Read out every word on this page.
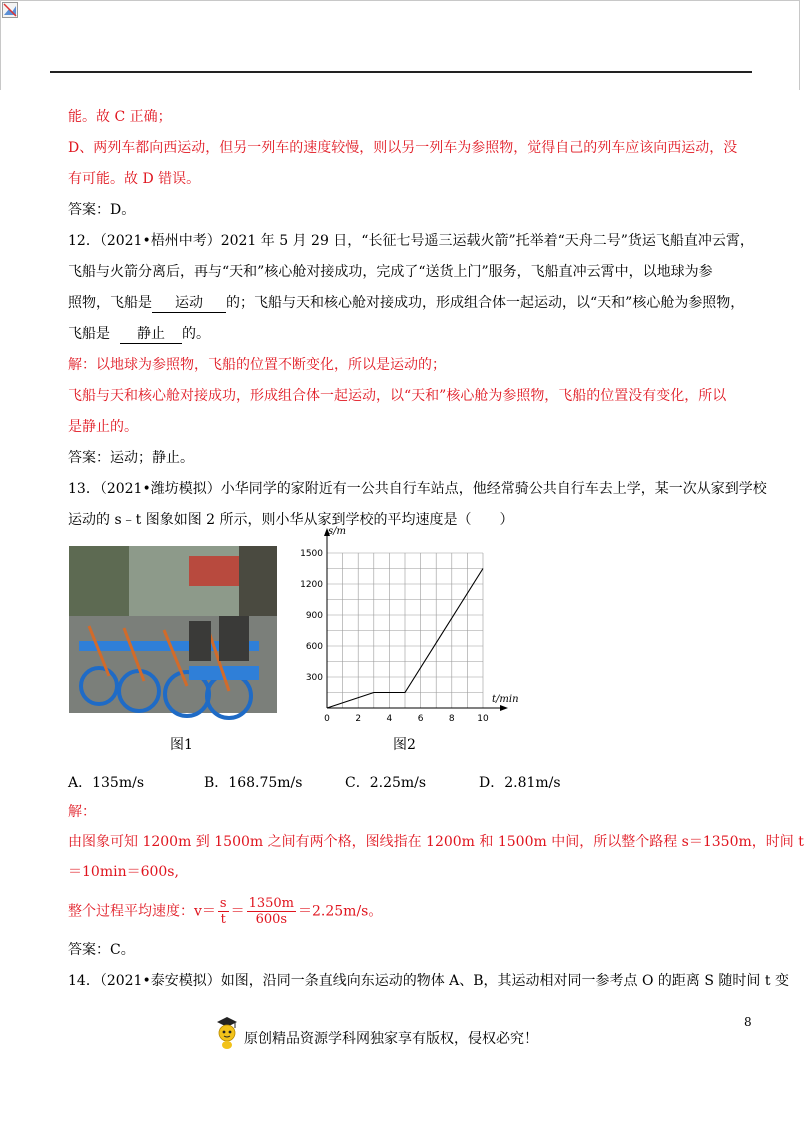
能。故 C 正确；
D、两列车都向西运动，但另一列车的速度较慢，则以另一列车为参照物，觉得自己的列车应该向西运动，没
有可能。故 D 错误。
答案：D。
12．（2021•梧州中考）2021 年 5 月 29 日，“长征七号遥三运载火箭”托举着“天舟二号”货运飞船直冲云霄，
飞船与火箭分离后，再与“天和”核心舱对接成功，完成了“送货上门”服务，飞船直冲云霄中，以地球为参
照物，飞船是 运动 的；飞船与天和核心舱对接成功，形成组合体一起运动，以“天和”核心舱为参照物，
飞船是 静止 的。
解：以地球为参照物，飞船的位置不断变化，所以是运动的；
飞船与天和核心舱对接成功，形成组合体一起运动，以“天和”核心舱为参照物，飞船的位置没有变化，所以
是静止的。
答案：运动；静止。
13．（2021•潍坊模拟）小华同学的家附近有一公共自行车站点，他经常骑公共自行车去上学，某一次从家到学校
运动的 s﹣t 图象如图 2 所示，则小华从家到学校的平均速度是（　　）
图1
0	2	4	6	8	10
300
600
900
1200
1500
s/m
t/min
图2
A．135m/s	B．168.75m/s	C．2.25m/s	D．2.81m/s
解：
由图象可知 1200m 到 1500m 之间有两个格，图线指在 1200m 和 1500m 中间，所以整个路程 s＝1350m，时间 t
＝10min＝600s,
整个过程平均速度：$v= \frac{s}{t} = \frac{1350m}{600s} =2.25m/s$。
答案：C。
14．（2021•泰安模拟）如图，沿同一条直线向东运动的物体 A、B，其运动相对同一参考点 O 的距离 S 随时间 t 变
原创精品资源学科网独家享有版权，侵权必究！
8
